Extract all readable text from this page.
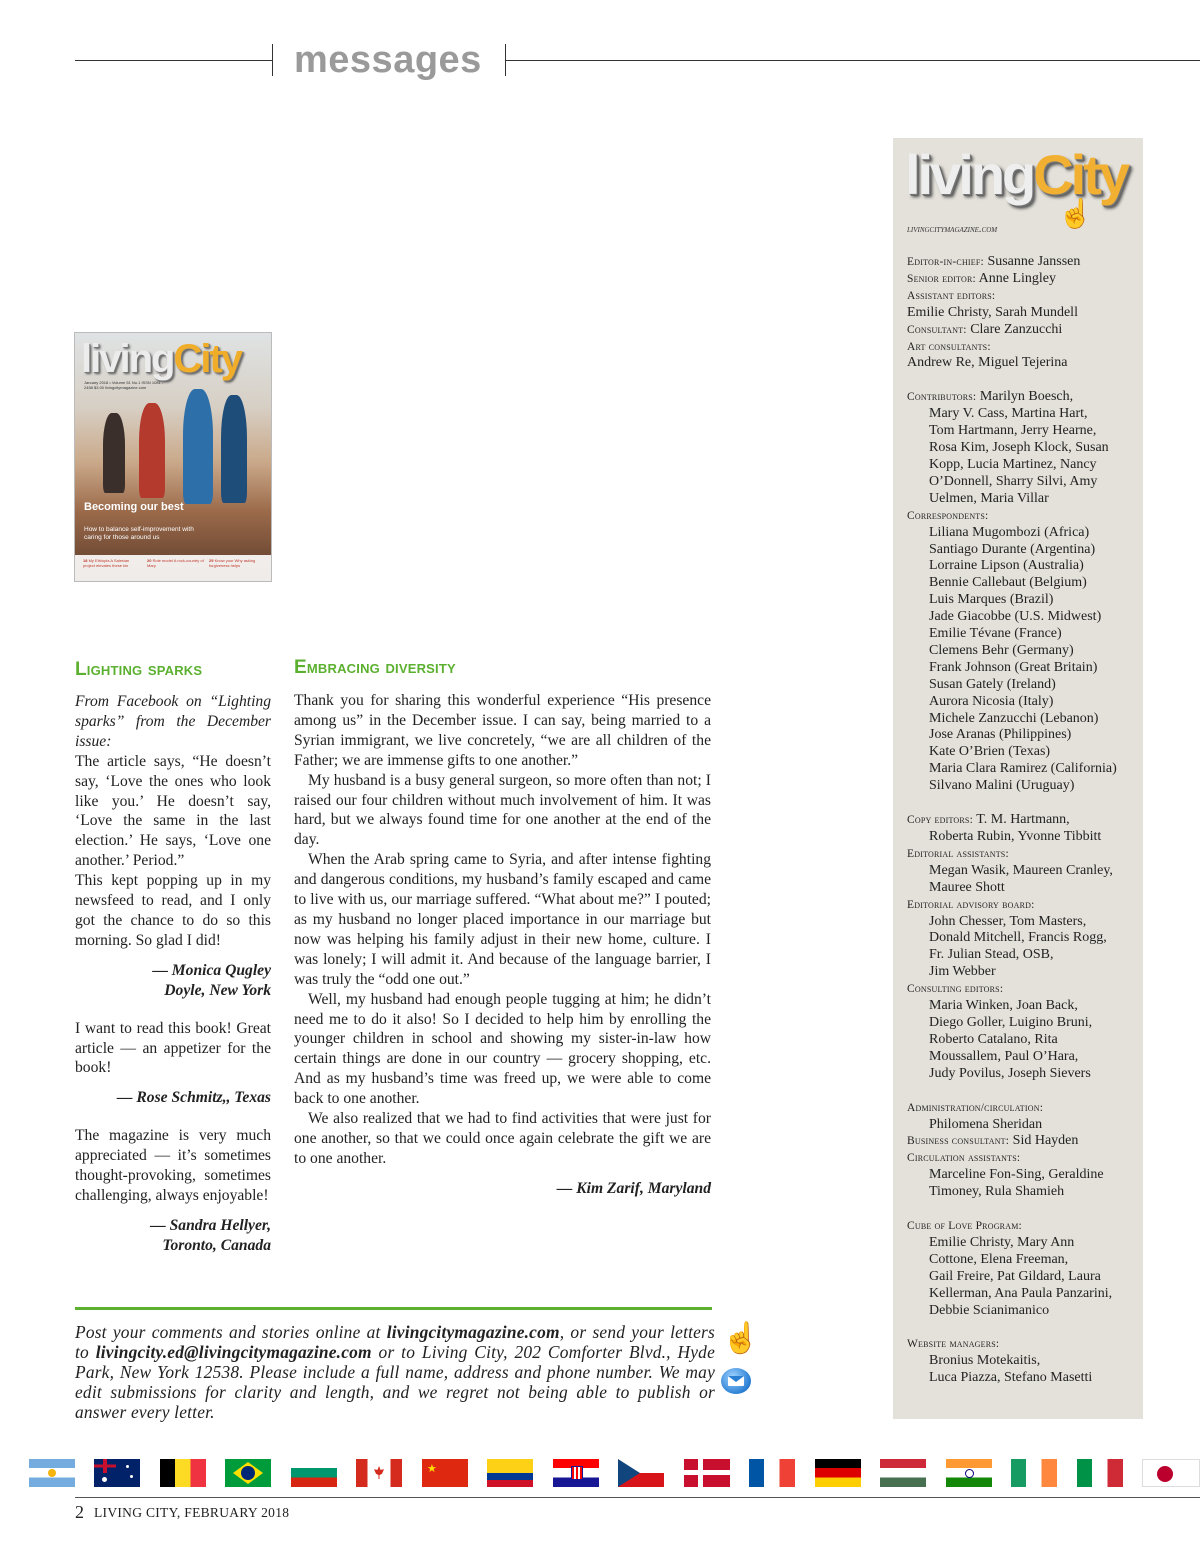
messages
livingCity
January 2018 • Volume 51 No.1 ISSN 1081 - 2458 $3.00 livingcitymagazine.com
Becoming our best
How to balance self-improvement with caring for those around us
18 My Ethiopia A Salesian project elevates these kin
20 Role model A rock-country of Mary
25 Know your Why asking forgiveness helps
Lighting sparks

From Facebook on “Lighting sparks” from the December issue:

The article says, “He doesn’t say, ‘Love the ones who look like you.’ He doesn’t say, ‘Love the same in the last election.’ He says, ‘Love one another.’ Period.”

This kept popping up in my newsfeed to read, and I only got the chance to do so this morning. So glad I did!

— Monica Qugley

Doyle, New York

I want to read this book! Great article — an appetizer for the book!

— Rose Schmitz,, Texas

The magazine is very much appreciated — it’s sometimes thought-provoking, sometimes challenging, always enjoyable!

— Sandra Hellyer,

Toronto, Canada

Embracing diversity

Thank you for sharing this wonderful experience “His presence among us” in the December issue. I can say, being married to a Syrian immigrant, we live concretely, “we are all children of the Father; we are immense gifts to one another.”

My husband is a busy general surgeon, so more often than not; I raised our four children without much involvement of him. It was hard, but we always found time for one another at the end of the day.

When the Arab spring came to Syria, and after intense fighting and dangerous conditions, my husband’s family escaped and came to live with us, our marriage suffered. “What about me?” I pouted; as my husband no longer placed importance in our marriage but now was helping his family adjust in their new home, culture. I was lonely; I will admit it. And because of the language barrier, I was truly the “odd one out.”

Well, my husband had enough people tugging at him; he didn’t need me to do it also! So I decided to help him by enrolling the younger children in school and showing my sister-in-law how certain things are done in our country — grocery shopping, etc. And as my husband’s time was freed up, we were able to come back to one another.

We also realized that we had to find activities that were just for one another, so that we could once again celebrate the gift we are to one another.

— Kim Zarif, Maryland
Post your comments and stories online at livingcitymagazine.com, or send your letters to livingcity.ed@livingcitymagazine.com or to Living City, 202 Comforter Blvd., Hyde Park, New York 12538. Please include a full name, address and phone number. We may edit submissions for clarity and length, and we regret not being able to publish or answer every letter.
☝
livingCity
☝
livingcitymagazine.com
Editor-in-chief: Susanne Janssen
Senior editor: Anne Lingley
Assistant editors:
Emilie Christy, Sarah Mundell
Consultant: Clare Zanzucchi
Art consultants:
Andrew Re, Miguel Tejerina
Contributors: Marilyn Boesch,
Mary V. Cass, Martina Hart,
Tom Hartmann, Jerry Hearne,
Rosa Kim, Joseph Klock, Susan
Kopp, Lucia Martinez, Nancy
O’Donnell, Sharry Silvi, Amy
Uelmen, Maria Villar
Correspondents:
Liliana Mugombozi (Africa)
Santiago Durante (Argentina)
Lorraine Lipson (Australia)
Bennie Callebaut (Belgium)
Luis Marques (Brazil)
Jade Giacobbe (U.S. Midwest)
Emilie Tévane (France)
Clemens Behr (Germany)
Frank Johnson (Great Britain)
Susan Gately (Ireland)
Aurora Nicosia (Italy)
Michele Zanzucchi (Lebanon)
Jose Aranas (Philippines)
Kate O’Brien (Texas)
Maria Clara Ramirez (California)
Silvano Malini (Uruguay)
Copy editors: T. M. Hartmann,
Roberta Rubin, Yvonne Tibbitt
Editorial assistants:
Megan Wasik, Maureen Cranley,
Mauree Shott
Editorial advisory board:
John Chesser, Tom Masters,
Donald Mitchell, Francis Rogg,
Fr. Julian Stead, OSB,
Jim Webber
Consulting editors:
Maria Winken, Joan Back,
Diego Goller, Luigino Bruni,
Roberto Catalano, Rita
Moussallem, Paul O’Hara,
Judy Povilus, Joseph Sievers
Administration/circulation:
Philomena Sheridan
Business consultant: Sid Hayden
Circulation assistants:
Marceline Fon-Sing, Geraldine
Timoney, Rula Shamieh
Cube of Love Program:
Emilie Christy, Mary Ann
Cottone, Elena Freeman,
Gail Freire, Pat Gildard, Laura
Kellerman, Ana Paula Panzarini,
Debbie Scianimanico
Website managers:
Bronius Motekaitis,
Luca Piazza, Stefano Masetti
★
2 LIVING CITY, FEBRUARY 2018
